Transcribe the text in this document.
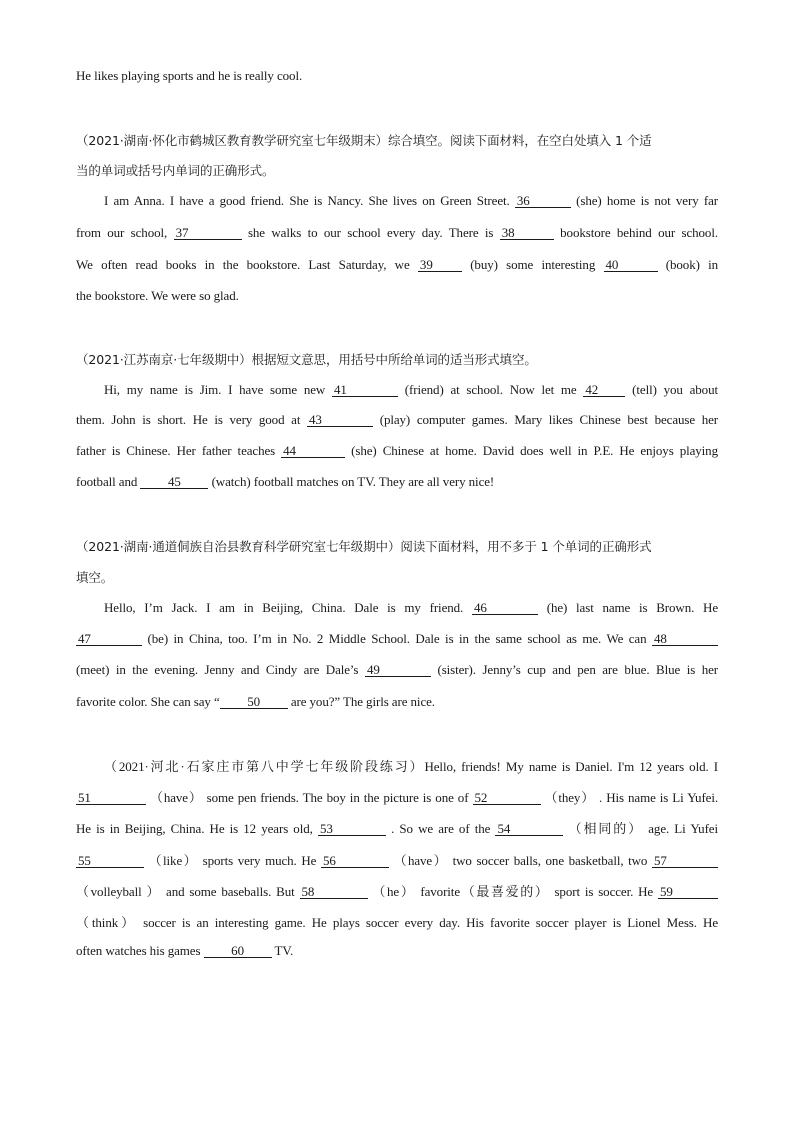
He likes playing sports and he is really cool.
（2021·湖南·怀化市鹤城区教育教学研究室七年级期末）综合填空。阅读下面材料，在空白处填入 1 个适
当的单词或括号内单词的正确形式。
I am Anna. I have a good friend. She is Nancy. She lives on Green Street. 36	(she) home is not very far
from our school, 37	she walks to our school every day. There is 38	bookstore behind our school.
We often read books in the bookstore. Last Saturday, we 39	(buy) some interesting 40	(book) in
the bookstore. We were so glad.
（2021·江苏南京·七年级期中）根据短文意思，用括号中所给单词的适当形式填空。
Hi, my name is Jim. I have some new 41	(friend) at school. Now let me 42	(tell) you about
them. John is short. He is very good at 43	(play) computer games. Mary likes Chinese best because her
father is Chinese. Her father teaches 44	(she) Chinese at home. David does well in P.E. He enjoys playing
football and 45 (watch) football matches on TV. They are all very nice!
（2021·湖南·通道侗族自治县教育科学研究室七年级期中）阅读下面材料，用不多于 1 个单词的正确形式
填空。
Hello, I’m Jack. I am in Beijing, China. Dale is my friend. 46	(he) last name is Brown. He
47	(be) in China, too. I’m in No. 2 Middle School. Dale is in the same school as me. We can 48
(meet) in the evening. Jenny and Cindy are Dale’s 49	(sister). Jenny’s cup and pen are blue. Blue is her
favorite color. She can say “ 50 are you?” The girls are nice.
（2021·河北·石家庄市第八中学七年级阶段练习）Hello, friends! My name is Daniel. I'm 12 years old. I
51	（have） some pen friends. The boy in the picture is one of 52	（they） . His name is Li Yufei.
He is in Beijing, China. He is 12 years old, 53	. So we are of the 54	（相同的） age. Li Yufei
55	（like） sports very much. He 56	（have） two soccer balls, one basketball, two 57
（volleyball ） and some baseballs. But 58	（he） favorite（最喜爱的） sport is soccer. He 59
（think） soccer is an interesting game. He plays soccer every day. His favorite soccer player is Lionel Mess. He
often watches his games 60 TV.
